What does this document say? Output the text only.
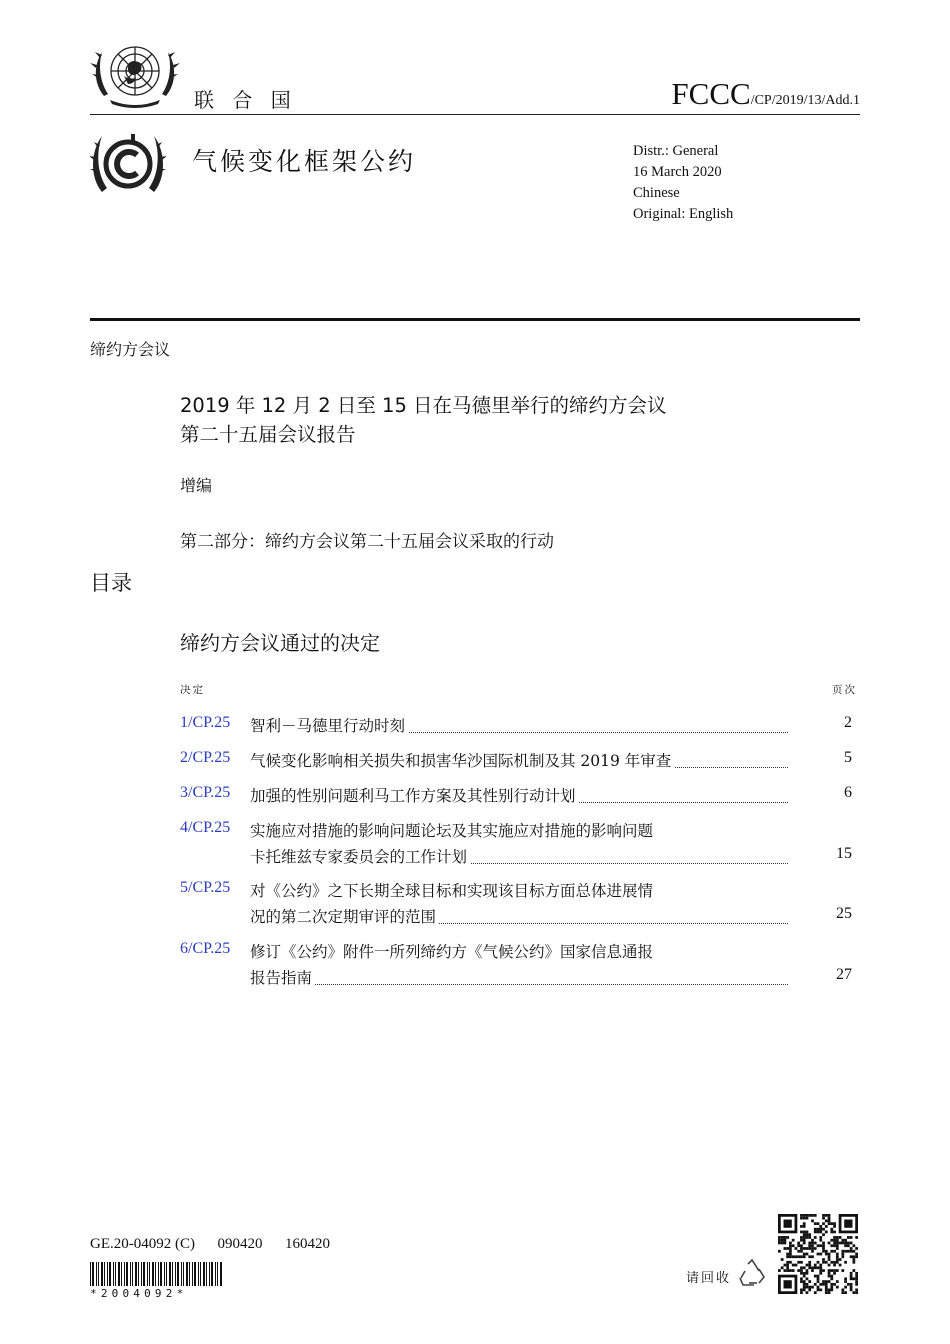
联 合 国	FCCC/CP/2019/13/Add.1
气候变化框架公约	Distr.: General
16 March 2020
Chinese
Original: English
缔约方会议
2019 年 12 月 2 日至 15 日在马德里举行的缔约方会议
第二十五届会议报告
增编
第二部分：缔约方会议第二十五届会议采取的行动
目录
缔约方会议通过的决定
决定	页次
1/CP.25 智利－马德里行动时刻	2
2/CP.25 气候变化影响相关损失和损害华沙国际机制及其 2019 年审查	5
3/CP.25 加强的性别问题利马工作方案及其性别行动计划	6
4/CP.25 实施应对措施的影响问题论坛及其实施应对措施的影响问题
卡托维兹专家委员会的工作计划	15
5/CP.25 对《公约》之下长期全球目标和实现该目标方面总体进展情
况的第二次定期审评的范围	25
6/CP.25 修订《公约》附件一所列缔约方《气候公约》国家信息通报
报告指南	27
GE.20-04092 (C) 090420 160420
*2004092*
请回收
